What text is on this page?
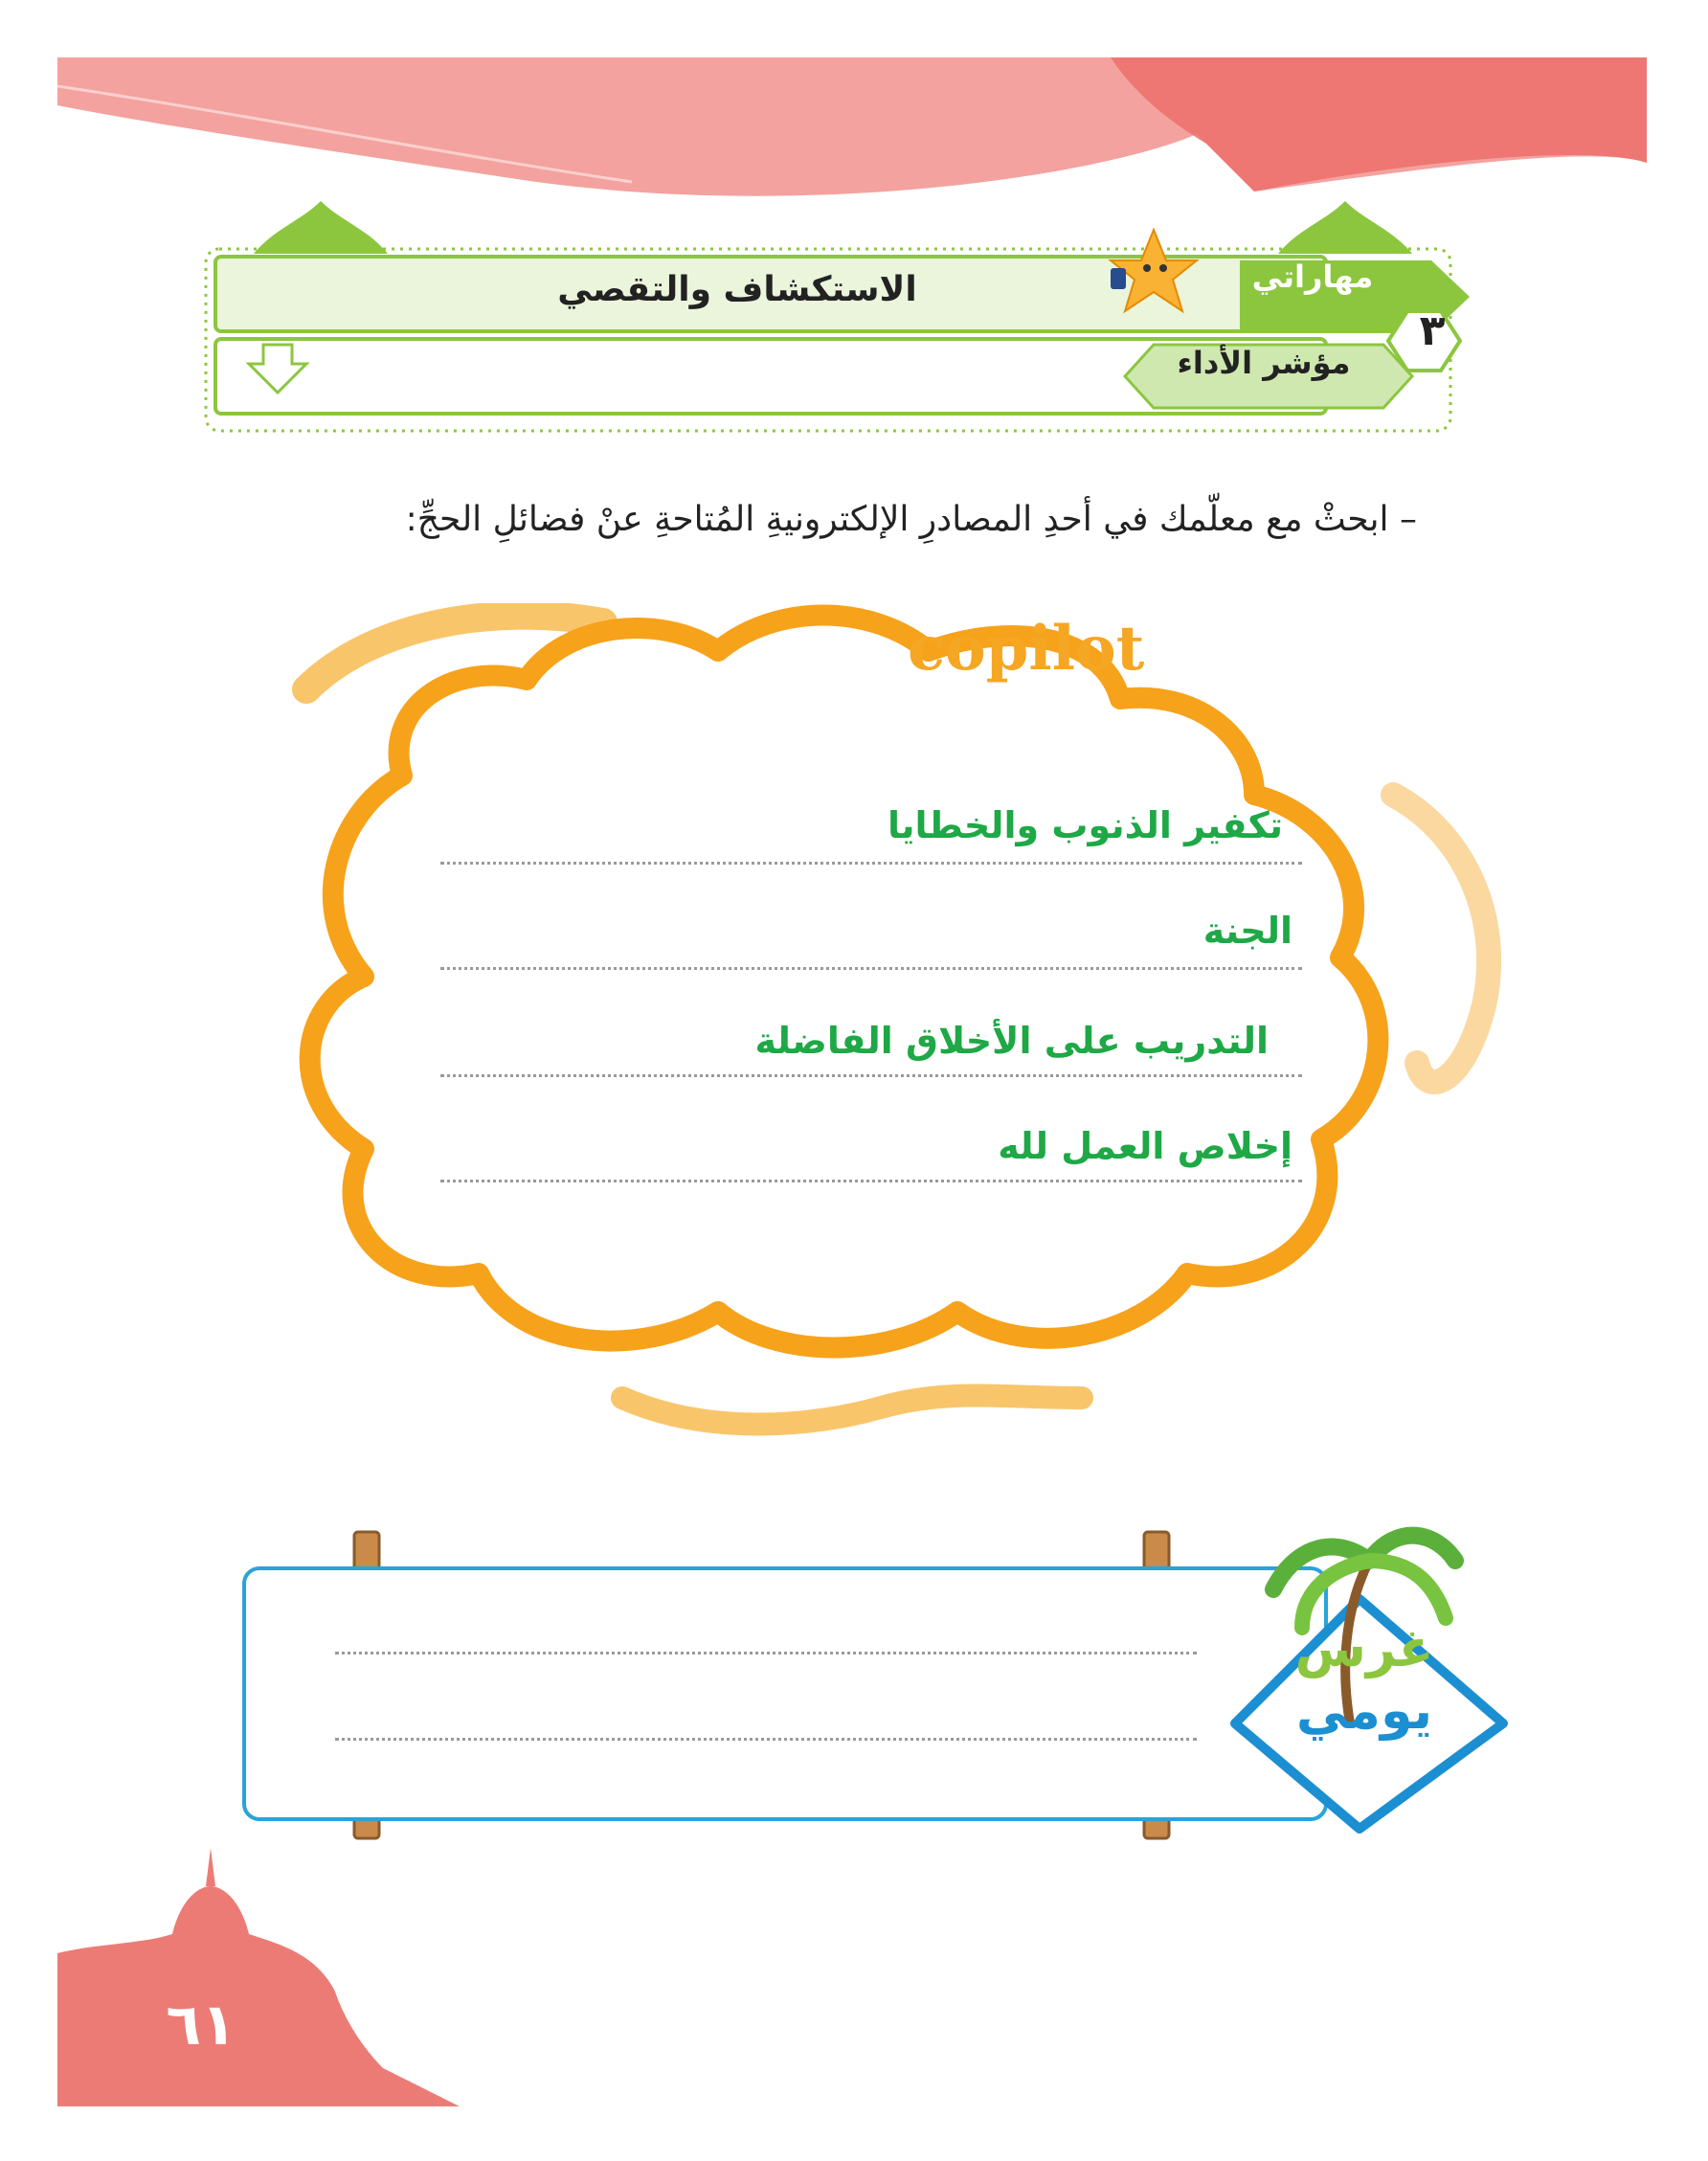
مهاراتي
الاستكشاف والتقصي
مؤشر الأداء
٣
– ابحثْ مع معلّمك في أحدِ المصادرِ الإلكترونيةِ المُتاحةِ عنْ فضائلِ الحجِّ:
copilot
تكفير الذنوب والخطايا
الجنة
التدريب على الأخلاق الفاضلة
إخلاص العمل لله
غرس
يومي
٦١
